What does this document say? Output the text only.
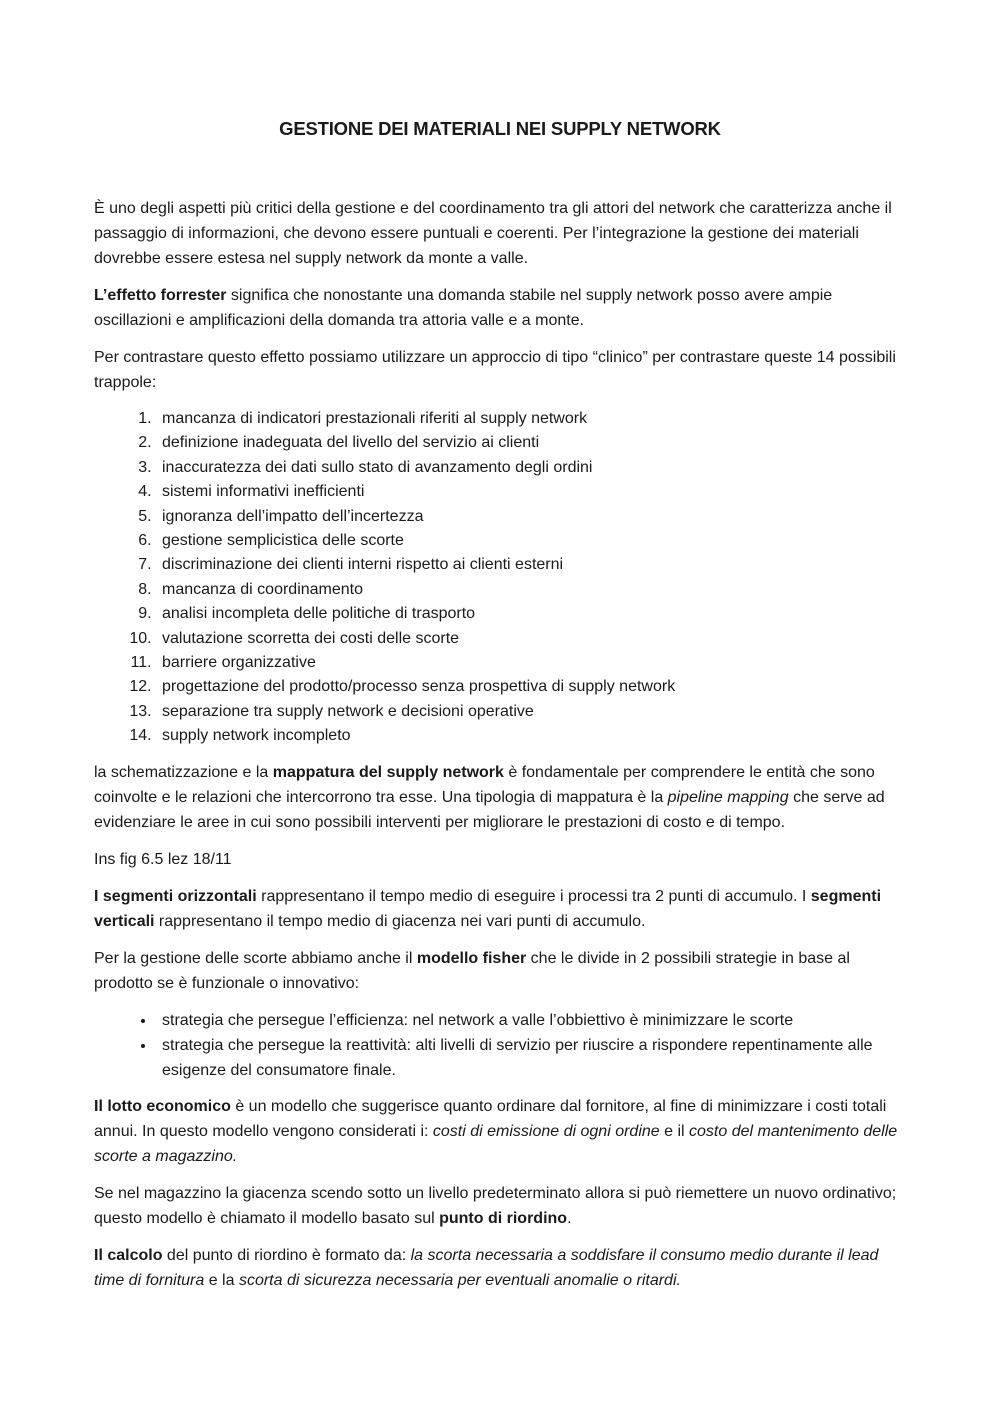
GESTIONE DEI MATERIALI NEI SUPPLY NETWORK

È uno degli aspetti più critici della gestione e del coordinamento tra gli attori del network che caratterizza anche il passaggio di informazioni, che devono essere puntuali e coerenti. Per l’integrazione la gestione dei materiali dovrebbe essere estesa nel supply network da monte a valle.

L’effetto forrester significa che nonostante una domanda stabile nel supply network posso avere ampie oscillazioni e amplificazioni della domanda tra attoria valle e a monte.

Per contrastare questo effetto possiamo utilizzare un approccio di tipo “clinico” per contrastare queste 14 possibili trappole:

1. mancanza di indicatori prestazionali riferiti al supply network
2. definizione inadeguata del livello del servizio ai clienti
3. inaccuratezza dei dati sullo stato di avanzamento degli ordini
4. sistemi informativi inefficienti
5. ignoranza dell’impatto dell’incertezza
6. gestione semplicistica delle scorte
7. discriminazione dei clienti interni rispetto ai clienti esterni
8. mancanza di coordinamento
9. analisi incompleta delle politiche di trasporto
10. valutazione scorretta dei costi delle scorte
11. barriere organizzative
12. progettazione del prodotto/processo senza prospettiva di supply network
13. separazione tra supply network e decisioni operative
14. supply network incompleto

la schematizzazione e la mappatura del supply network è fondamentale per comprendere le entità che sono coinvolte e le relazioni che intercorrono tra esse. Una tipologia di mappatura è la pipeline mapping che serve ad evidenziare le aree in cui sono possibili interventi per migliorare le prestazioni di costo e di tempo.

Ins fig 6.5 lez 18/11

I segmenti orizzontali rappresentano il tempo medio di eseguire i processi tra 2 punti di accumulo. I segmenti verticali rappresentano il tempo medio di giacenza nei vari punti di accumulo.

Per la gestione delle scorte abbiamo anche il modello fisher che le divide in 2 possibili strategie in base al prodotto se è funzionale o innovativo:

• strategia che persegue l’efficienza: nel network a valle l’obbiettivo è minimizzare le scorte
• strategia che persegue la reattività: alti livelli di servizio per riuscire a rispondere repentinamente alle esigenze del consumatore finale.

Il lotto economico è un modello che suggerisce quanto ordinare dal fornitore, al fine di minimizzare i costi totali annui. In questo modello vengono considerati i: costi di emissione di ogni ordine e il costo del mantenimento delle scorte a magazzino.

Se nel magazzino la giacenza scendo sotto un livello predeterminato allora si può riemettere un nuovo ordinativo; questo modello è chiamato il modello basato sul punto di riordino.

Il calcolo del punto di riordino è formato da: la scorta necessaria a soddisfare il consumo medio durante il lead time di fornitura e la scorta di sicurezza necessaria per eventuali anomalie o ritardi.
